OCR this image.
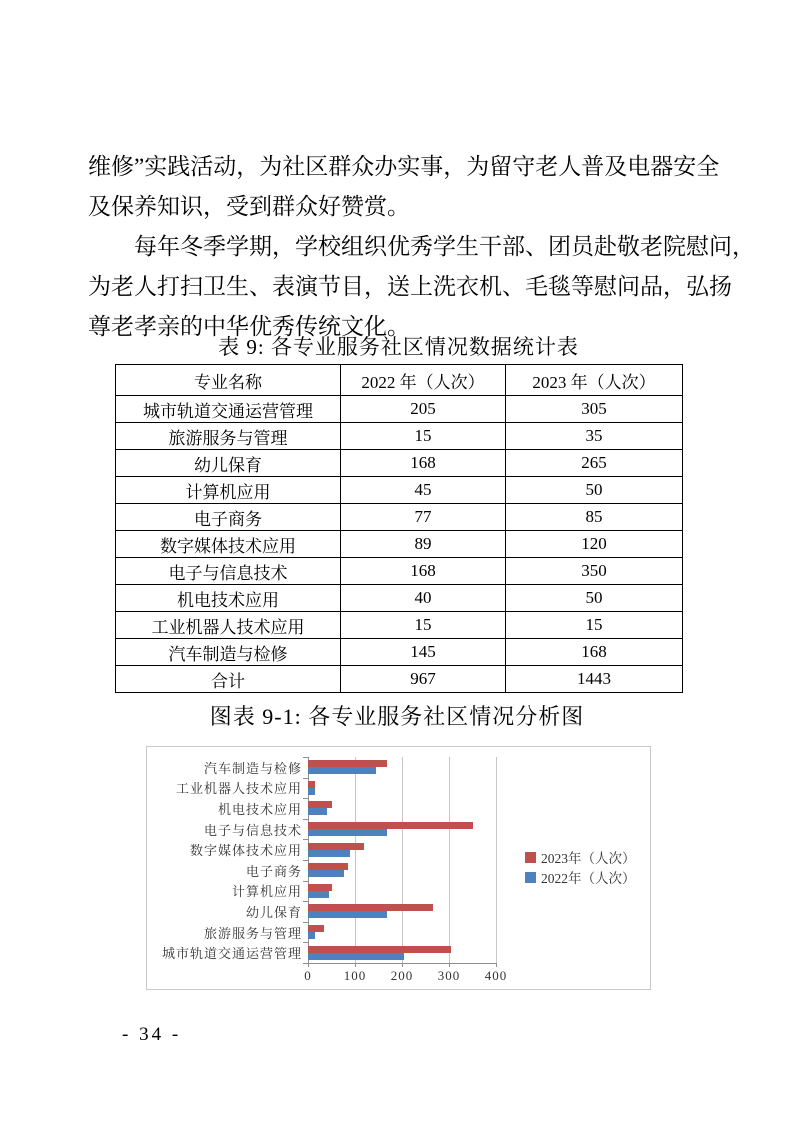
维修”实践活动，为社区群众办实事，为留守老人普及电器安全
及保养知识，受到群众好赞赏。
每年冬季学期，学校组织优秀学生干部、团员赴敬老院慰问，
为老人打扫卫生、表演节目，送上洗衣机、毛毯等慰问品，弘扬
尊老孝亲的中华优秀传统文化。
表 9: 各专业服务社区情况数据统计表
专业名称	2022 年（人次）	2023 年（人次）
城市轨道交通运营管理	205	305
旅游服务与管理	15	35
幼儿保育	168	265
计算机应用	45	50
电子商务	77	85
数字媒体技术应用	89	120
电子与信息技术	168	350
机电技术应用	40	50
工业机器人技术应用	15	15
汽车制造与检修	145	168
合计	967	1443
图表 9-1: 各专业服务社区情况分析图
汽车制造与检修
工业机器人技术应用
机电技术应用
电子与信息技术
数字媒体技术应用
电子商务
计算机应用
幼儿保育
旅游服务与管理
城市轨道交通运营管理
2023年（人次）
2022年（人次）
0 100 200 300 400
- 34 -
